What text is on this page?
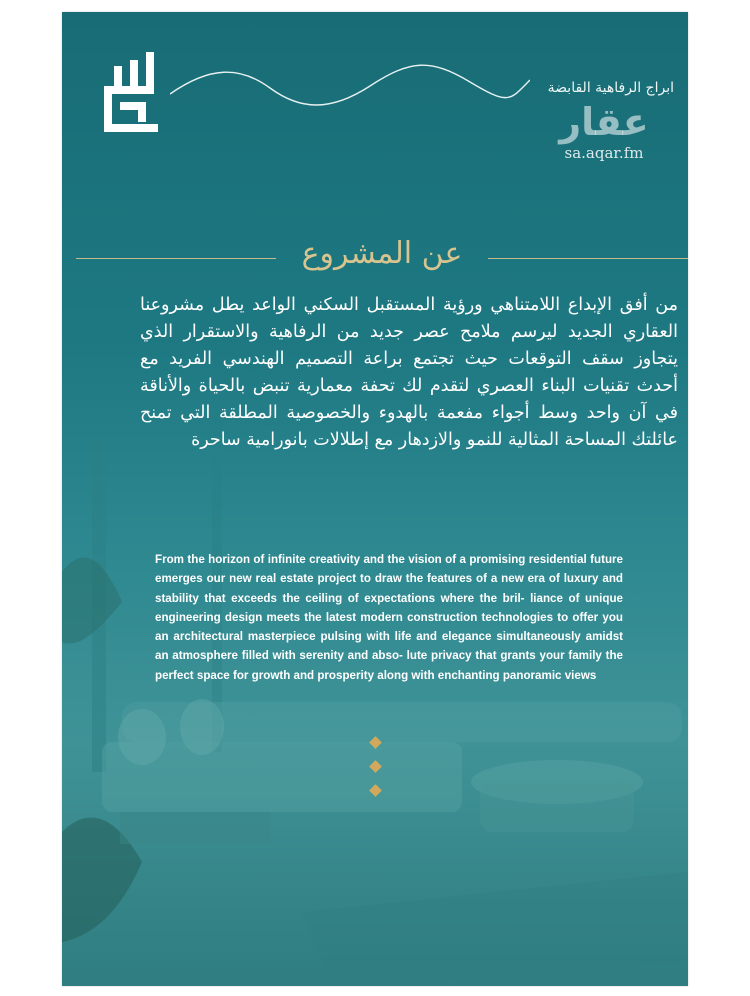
ابراج الرفاهية القابضة
عقار
sa.aqar.fm
عن المشروع
من أفق الإبداع اللامتناهي ورؤية المستقبل السكني الواعد يطل مشروعنا العقاري الجديد ليرسم ملامح عصر جديد من الرفاهية والاستقرار الذي يتجاوز سقف التوقعات حيث تجتمع براعة التصميم الهندسي الفريد مع أحدث تقنيات البناء العصري لتقدم لك تحفة معمارية تنبض بالحياة والأناقة في آن واحد وسط أجواء مفعمة بالهدوء والخصوصية المطلقة التي تمنح عائلتك المساحة المثالية للنمو والازدهار مع إطلالات بانورامية ساحرة
From the horizon of infinite creativity and the vision of a promising residential future emerges our new real estate project to draw the features of a new era of luxury and stability that exceeds the ceiling of expectations where the bril- liance of unique engineering design meets the latest modern construction technologies to offer you an architectural masterpiece pulsing with life and elegance simultaneously amidst an atmosphere filled with serenity and abso- lute privacy that grants your family the perfect space for growth and prosperity along with enchanting panoramic views
